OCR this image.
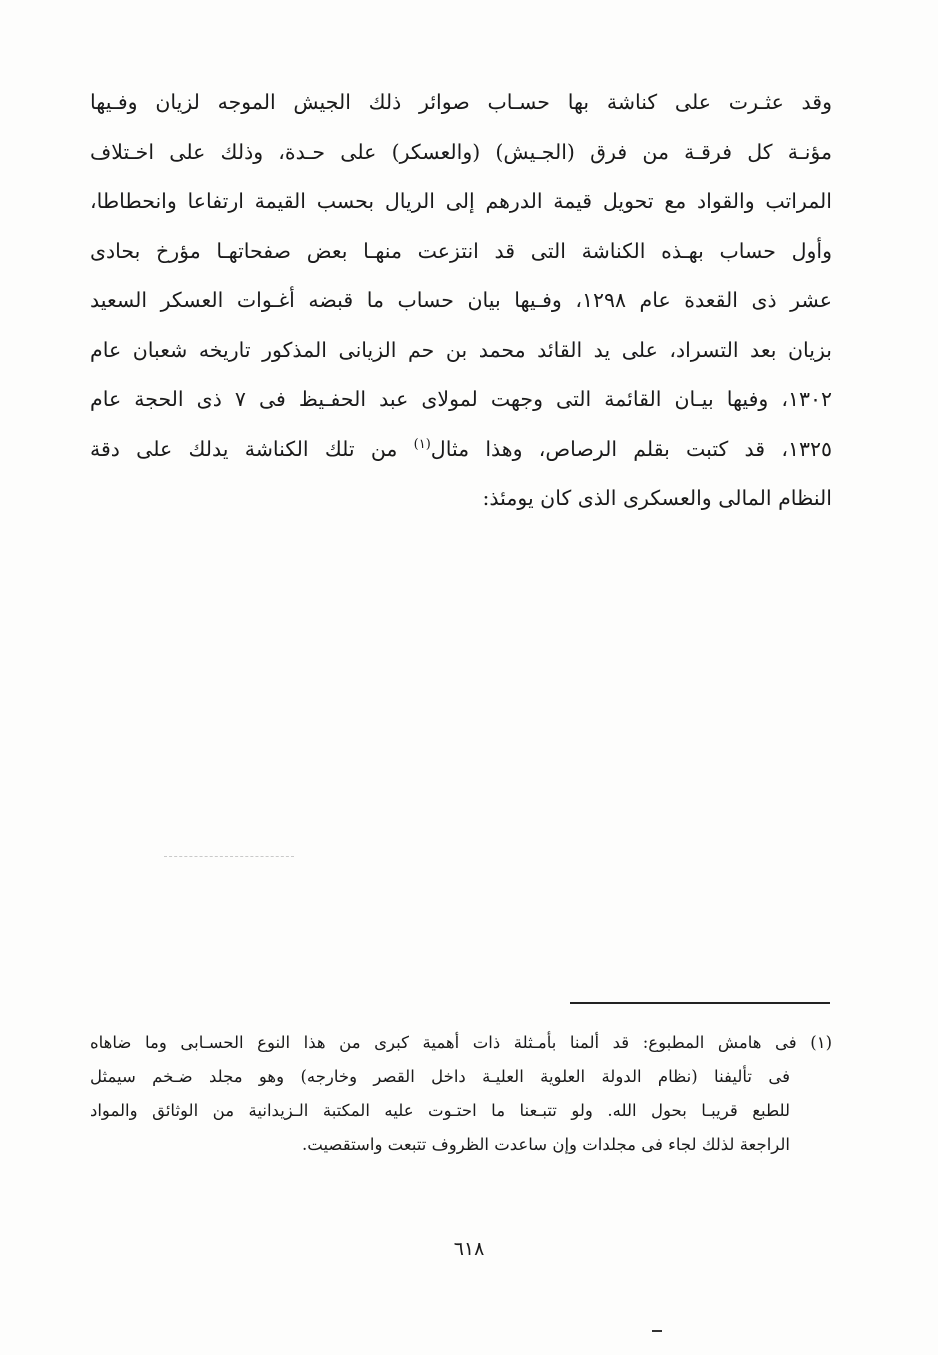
وقد عثـرت على كناشة بها حسـاب صوائر ذلك الجيش الموجه لزيان وفـيها
مؤنـة كل فرقـة من فرق (الجـيش) (والعسكر) على حـدة، وذلك على اخـتلاف
المراتب والقواد مع تحويل قيمة الدرهم إلى الريال بحسب القيمة ارتفاعا وانحطاطا،
وأول حساب بهـذه الكناشة التى قد انتزعت منهـا بعض صفحاتهـا مؤرخ بحادى
عشر ذى القعدة عام ١٢٩٨، وفـيها بيان حساب ما قبضه أغـوات العسكر السعيد
بزيان بعد التسراد، على يد القائد محمد بن حم الزيانى المذكور تاريخه شعبان عام
١٣٠٢، وفيها بيـان القائمة التى وجهت لمولاى عبد الحفـيظ فى ٧ ذى الحجة عام
١٣٢٥، قد كتبت بقلم الرصاص، وهذا مثال$^{(١)}$ من تلك الكناشة يدلك على دقة
النظام المالى والعسكرى الذى كان يومئذ:
(١) فى هامش المطبوع: قد ألمنا بأمـثلة ذات أهمية كبرى من هذا النوع الحسـابى وما ضاهاه
فى تأليفنا (نظام الدولة العلوية العليـة داخل القصر وخارجه) وهو مجلد ضـخم سيمثل
للطبع قريبـا بحول الله. ولو تتبـعنا ما احتـوت عليه المكتبة الـزيدانية من الوثائق والمواد
الراجعة لذلك لجاء فى مجلدات وإن ساعدت الظروف تتبعت واستقصيت.
٦١٨
